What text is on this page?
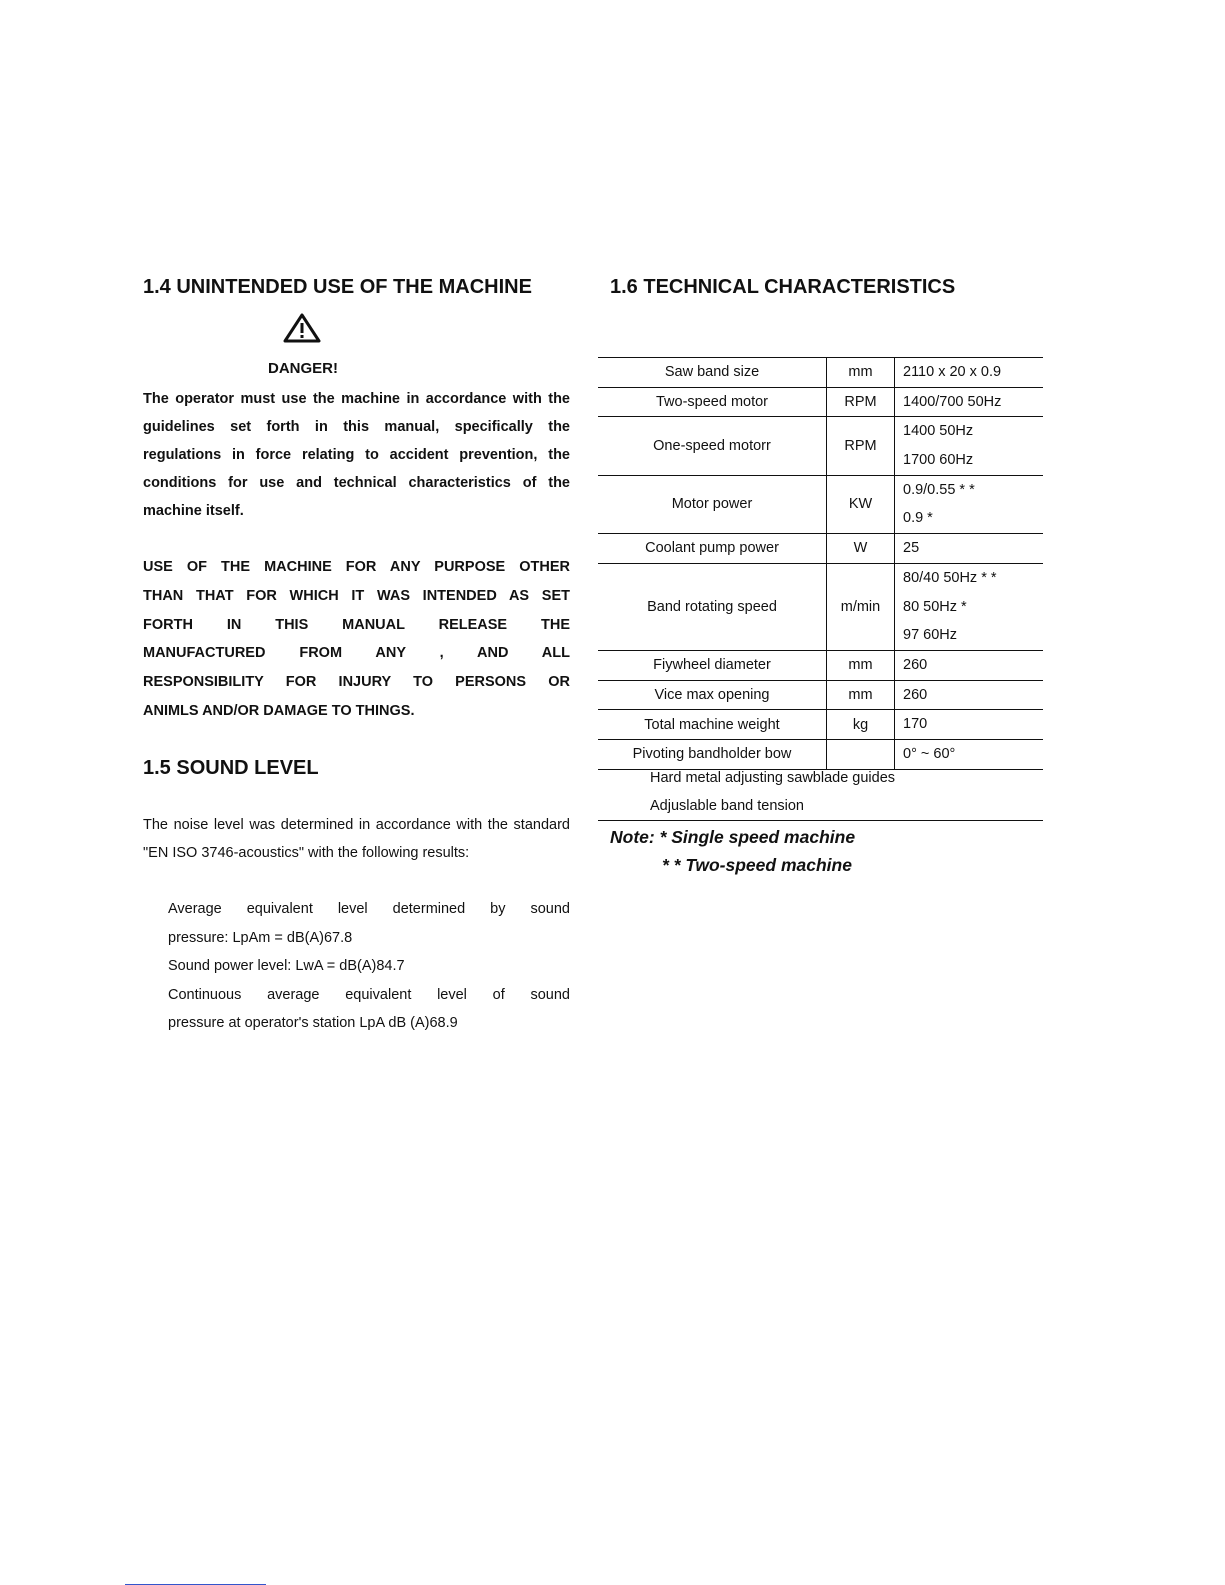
1.4 UNINTENDED USE OF THE MACHINE
DANGER!
The operator must use the machine in accordance with the guidelines set forth in this manual, specifically the regulations in force relating to accident prevention, the conditions for use and technical characteristics of the machine itself.
USE OF THE MACHINE FOR ANY PURPOSE OTHER
THAN THAT FOR WHICH IT WAS INTENDED AS SET
FORTH IN THIS MANUAL RELEASE THE
MANUFACTURED FROM ANY , AND ALL
RESPONSIBILITY FOR INJURY TO PERSONS OR
ANIMLS AND/OR DAMAGE TO THINGS.
1.5 SOUND LEVEL
The noise level was determined in accordance with the standard "EN ISO 3746-acoustics" with the following results:
Average equivalent level determined by sound
pressure: LpAm = dB(A)67.8
Sound power level: LwA = dB(A)84.7
Continuous average equivalent level of sound
pressure at operator's station LpA dB (A)68.9
1.6 TECHNICAL CHARACTERISTICS
Saw band size	mm	2110 x 20 x 0.9

Two-speed motor	RPM	1400/700 50Hz

One-speed motorr	RPM	1400 50Hz
1700 60Hz

Motor power	KW	0.9/0.55 * *
0.9 *

Coolant pump power	W	25

Band rotating speed	m/min	80/40 50Hz * *
80 50Hz *
97 60Hz

Fiywheel diameter	mm	260

Vice max opening	mm	260

Total machine weight	kg	170

Pivoting bandholder bow		0° ~ 60°
Hard metal adjusting sawblade guides
Adjuslable band tension
Note: * Single speed machine
* * Two-speed machine
